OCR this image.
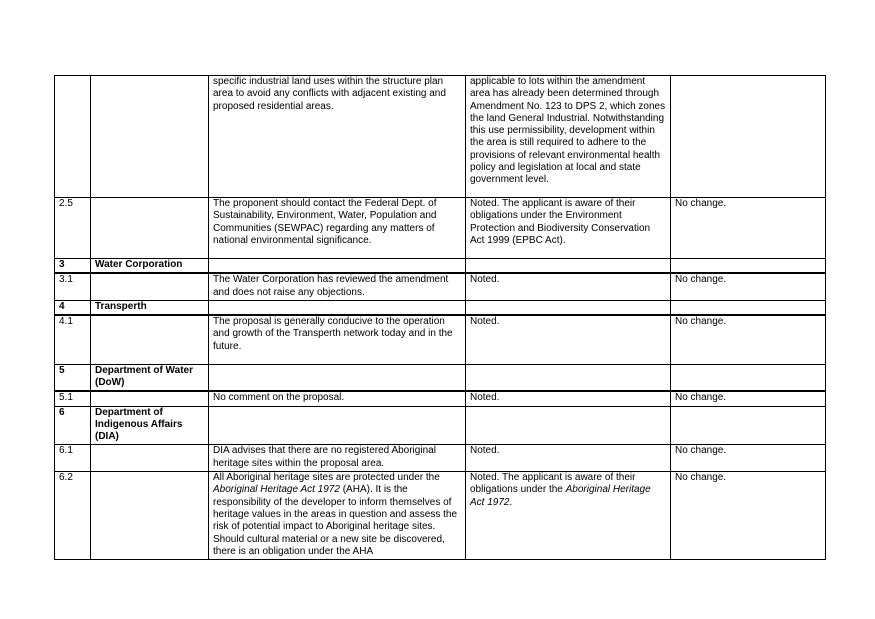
		specific industrial land uses within the structure plan area to avoid any conflicts with adjacent existing and proposed residential areas.	applicable to lots within the amendment area has already been determined through Amendment No. 123 to DPS 2, which zones the land General Industrial. Notwithstanding this use permissibility, development within the area is still required to adhere to the provisions of relevant environmental health policy and legislation at local and state government level.	
2.5		The proponent should contact the Federal Dept. of Sustainability, Environment, Water, Population and Communities (SEWPAC) regarding any matters of national environmental significance.	Noted. The applicant is aware of their obligations under the Environment Protection and Biodiversity Conservation Act 1999 (EPBC Act).	No change.
3	Water Corporation			
3.1		The Water Corporation has reviewed the amendment and does not raise any objections.	Noted.	No change.
4	Transperth			
4.1		The proposal is generally conducive to the operation and growth of the Transperth network today and in the future.	Noted.	No change.
5	Department of Water (DoW)			
5.1		No comment on the proposal.	Noted.	No change.
6	Department of Indigenous Affairs (DIA)			
6.1		DIA advises that there are no registered Aboriginal heritage sites within the proposal area.	Noted.	No change.
6.2		All Aboriginal heritage sites are protected under the Aboriginal Heritage Act 1972 (AHA). It is the responsibility of the developer to inform themselves of heritage values in the areas in question and assess the risk of potential impact to Aboriginal heritage sites. Should cultural material or a new site be discovered, there is an obligation under the AHA	Noted. The applicant is aware of their obligations under the Aboriginal Heritage Act 1972.	No change.
